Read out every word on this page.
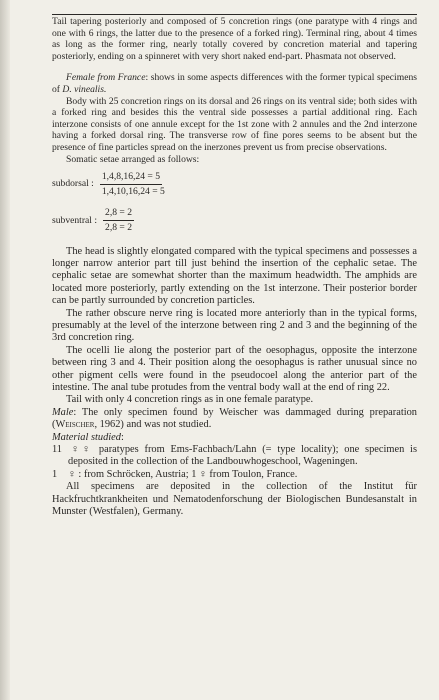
Tail tapering posteriorly and composed of 5 concretion rings (one paratype with 4 rings and one with 6 rings, the latter due to the presence of a forked ring). Terminal ring, about 4 times as long as the former ring, nearly totally covered by concretion material and tapering posteriorly, ending on a spinneret with very short naked end-part. Phasmata not observed.

Female from France: shows in some aspects differences with the former typical specimens of D. vinealis.

Body with 25 concretion rings on its dorsal and 26 rings on its ventral side; both sides with a forked ring and besides this the ventral side possesses a partial additional ring. Each interzone consists of one annule except for the 1st zone with 2 annules and the 2nd interzone having a forked dorsal ring. The transverse row of fine pores seems to be absent but the presence of fine particles spread on the inerzones prevent us from precise observations.

Somatic setae arranged as follows:

subdorsal : $\frac{1,4,8,16,24 = 5}{1,4,10,16,24 = 5}$
subventral : $\frac{2,8 = 2}{2,8 = 2}$

The head is slightly elongated compared with the typical specimens and possesses a longer narrow anterior part till just behind the insertion of the cephalic setae. The cephalic setae are somewhat shorter than the maximum headwidth. The amphids are located more posteriorly, partly extending on the 1st interzone. Their posterior border can be partly surrounded by concretion particles.

The rather obscure nerve ring is located more anteriorly than in the typical forms, presumably at the level of the interzone between ring 2 and 3 and the beginning of the 3rd concretion ring.

The ocelli lie along the posterior part of the oesophagus, opposite the interzone between ring 3 and 4. Their position along the oesophagus is rather unusual since no other pigment cells were found in the pseudocoel along the anterior part of the intestine. The anal tube protudes from the ventral body wall at the end of ring 22.

Tail with only 4 concretion rings as in one female paratype.

Male: The only specimen found by Weischer was dammaged during preparation (Weischer, 1962) and was not studied.

Material studied:

11 ♀♀ paratypes from Ems-Fachbach/Lahn (= type locality); one specimen is deposited in the collection of the Landbouwhogeschool, Wageningen.

1 ♀ : from Schröcken, Austria; 1 ♀ from Toulon, France.

All specimens are deposited in the collection of the Institut für Hackfruchtkrankheiten und Nematodenforschung der Biologischen Bundesanstalt in Munster (Westfalen), Germany.
